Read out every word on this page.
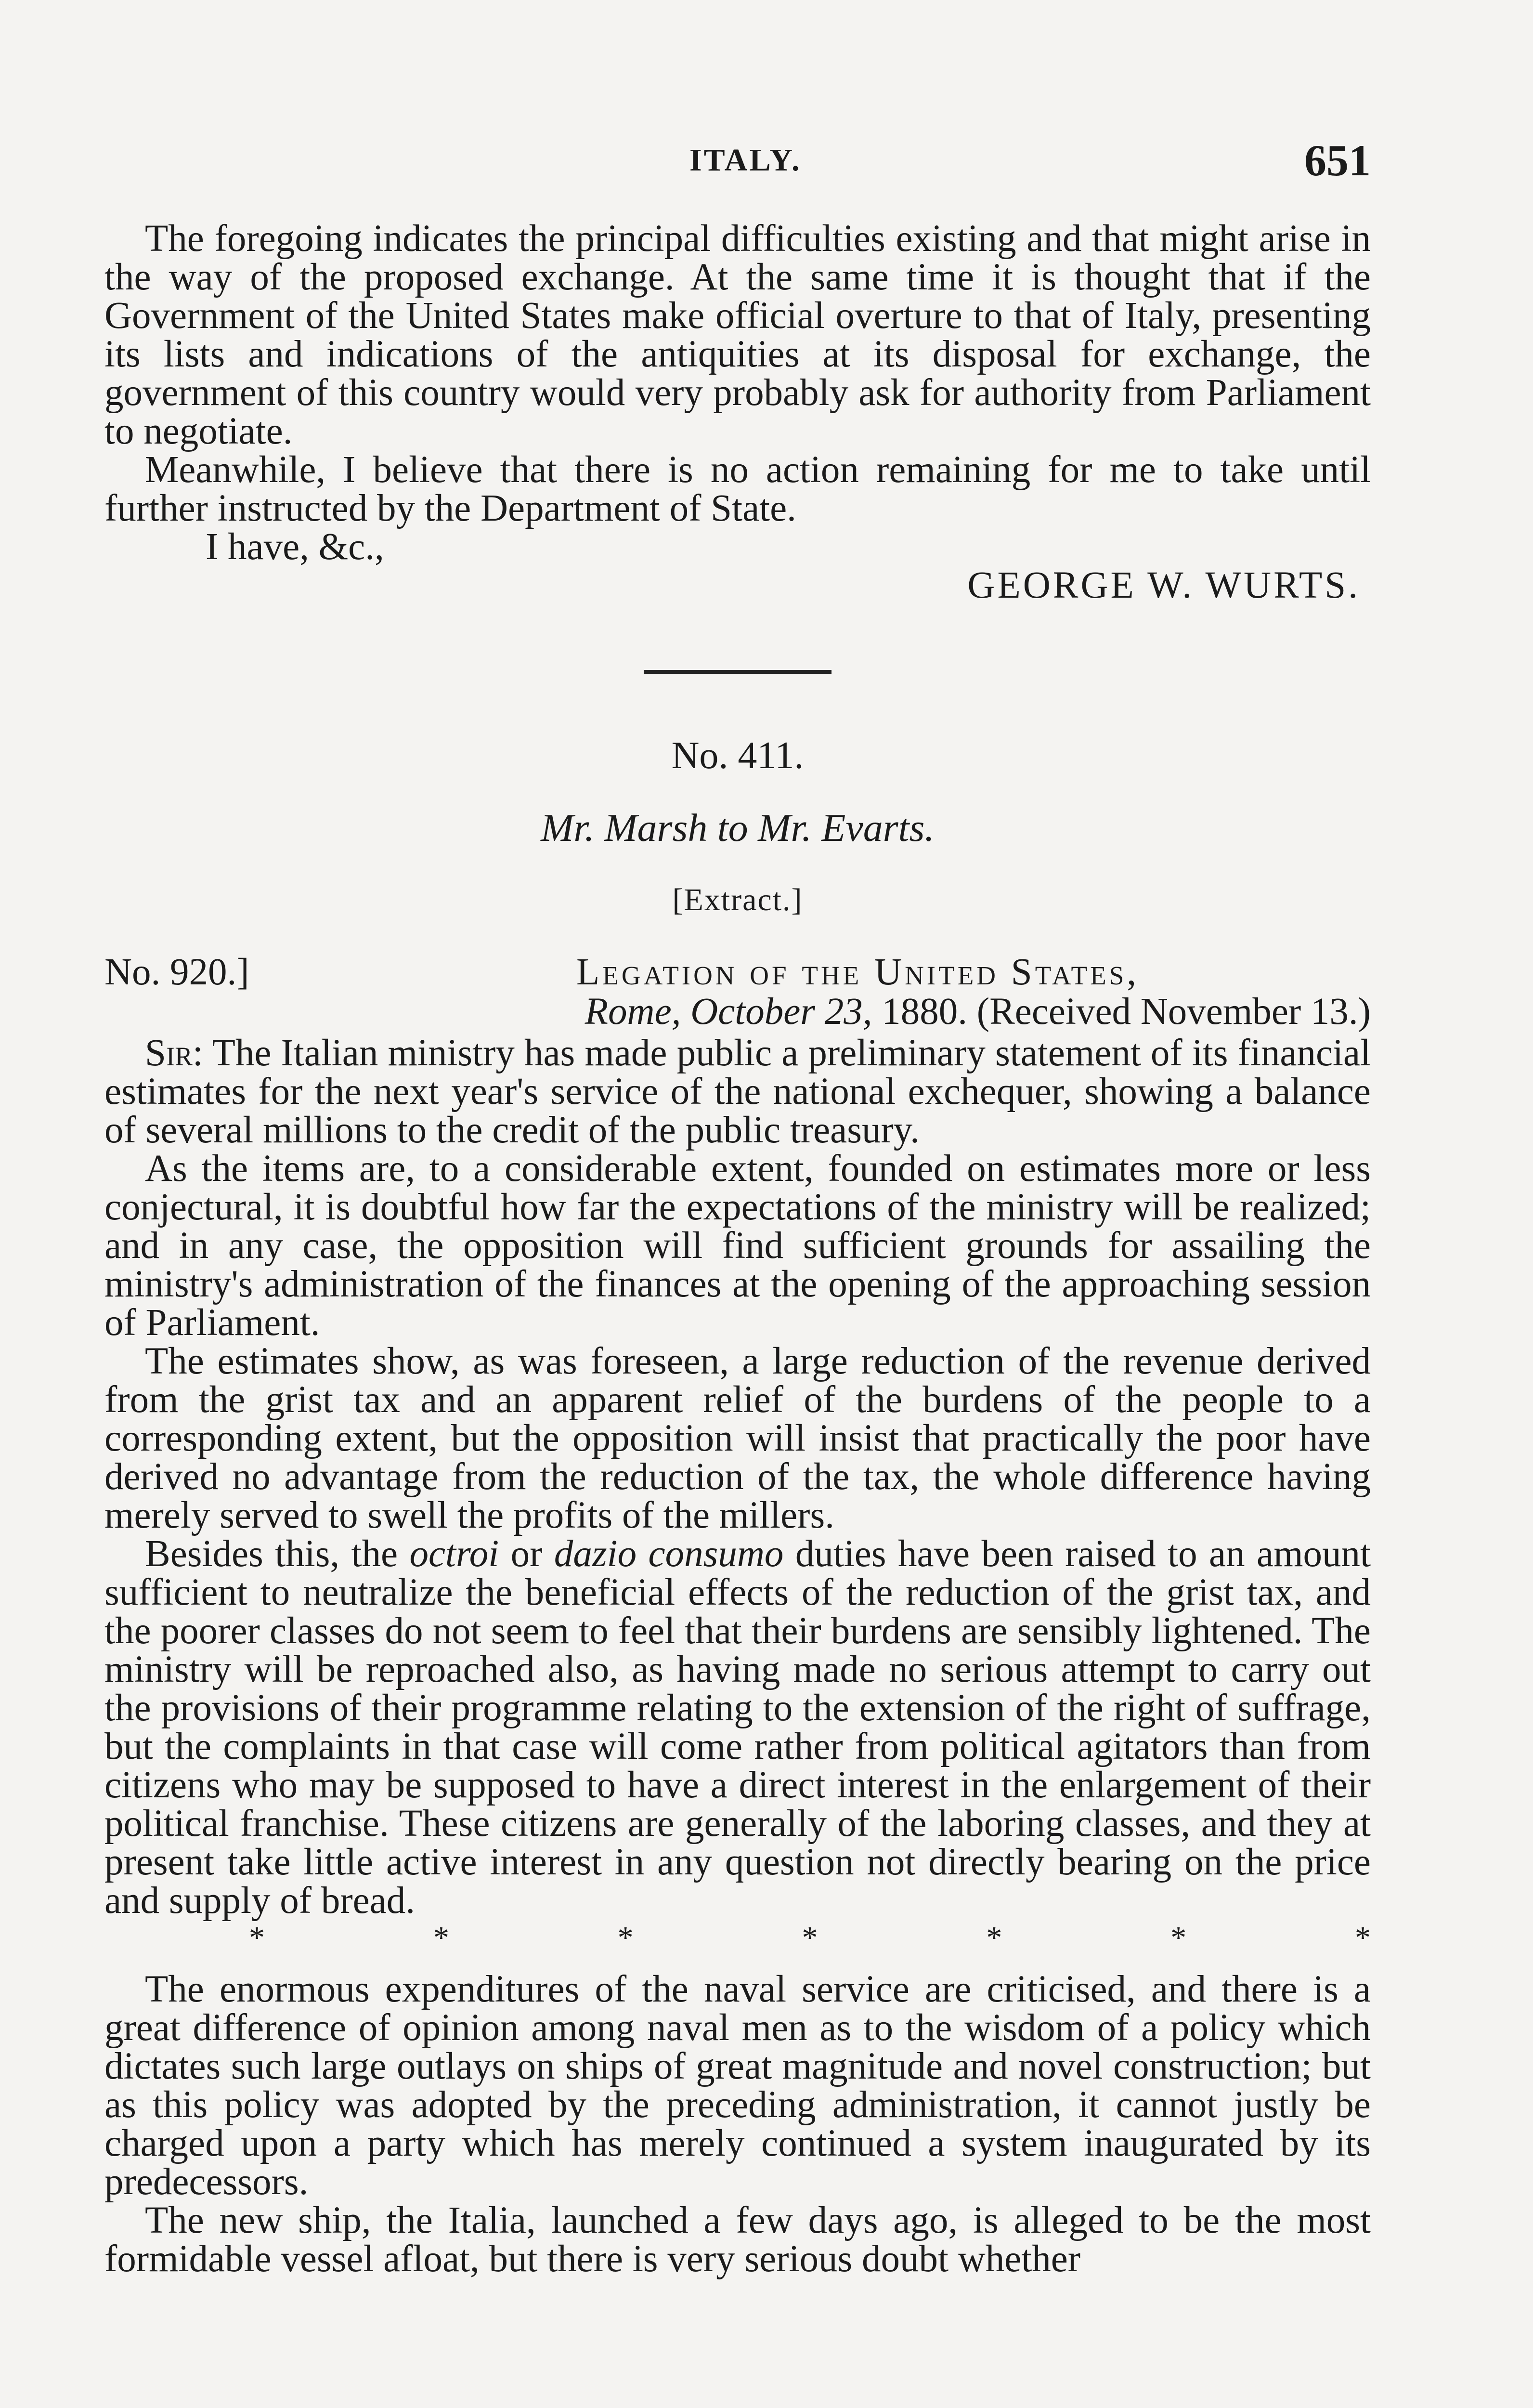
ITALY.	651

The foregoing indicates the principal difficulties existing and that might arise in the way of the proposed exchange. At the same time it is thought that if the Government of the United States make official overture to that of Italy, presenting its lists and indications of the antiquities at its disposal for exchange, the government of this country would very probably ask for authority from Parliament to negotiate.

Meanwhile, I believe that there is no action remaining for me to take until further instructed by the Department of State.

I have, &c.,

GEORGE W. WURTS.

No. 411.
Mr. Marsh to Mr. Evarts.
[Extract.]
No. 920.]	Legation of the United States,

Rome, October 23, 1880. (Received November 13.)

Sir: The Italian ministry has made public a preliminary statement of its financial estimates for the next year's service of the national exchequer, showing a balance of several millions to the credit of the public treasury.

As the items are, to a considerable extent, founded on estimates more or less conjectural, it is doubtful how far the expectations of the ministry will be realized; and in any case, the opposition will find sufficient grounds for assailing the ministry's administration of the finances at the opening of the approaching session of Parliament.

The estimates show, as was foreseen, a large reduction of the revenue derived from the grist tax and an apparent relief of the burdens of the people to a corresponding extent, but the opposition will insist that practically the poor have derived no advantage from the reduction of the tax, the whole difference having merely served to swell the profits of the millers.

Besides this, the octroi or dazio consumo duties have been raised to an amount sufficient to neutralize the beneficial effects of the reduction of the grist tax, and the poorer classes do not seem to feel that their burdens are sensibly lightened. The ministry will be reproached also, as having made no serious attempt to carry out the provisions of their programme relating to the extension of the right of suffrage, but the complaints in that case will come rather from political agitators than from citizens who may be supposed to have a direct interest in the enlargement of their political franchise. These citizens are generally of the laboring classes, and they at present take little active interest in any question not directly bearing on the price and supply of bread.

*	*	*	*	*	*	*

The enormous expenditures of the naval service are criticised, and there is a great difference of opinion among naval men as to the wisdom of a policy which dictates such large outlays on ships of great magnitude and novel construction; but as this policy was adopted by the preceding administration, it cannot justly be charged upon a party which has merely continued a system inaugurated by its predecessors.

The new ship, the Italia, launched a few days ago, is alleged to be the most formidable vessel afloat, but there is very serious doubt whether
